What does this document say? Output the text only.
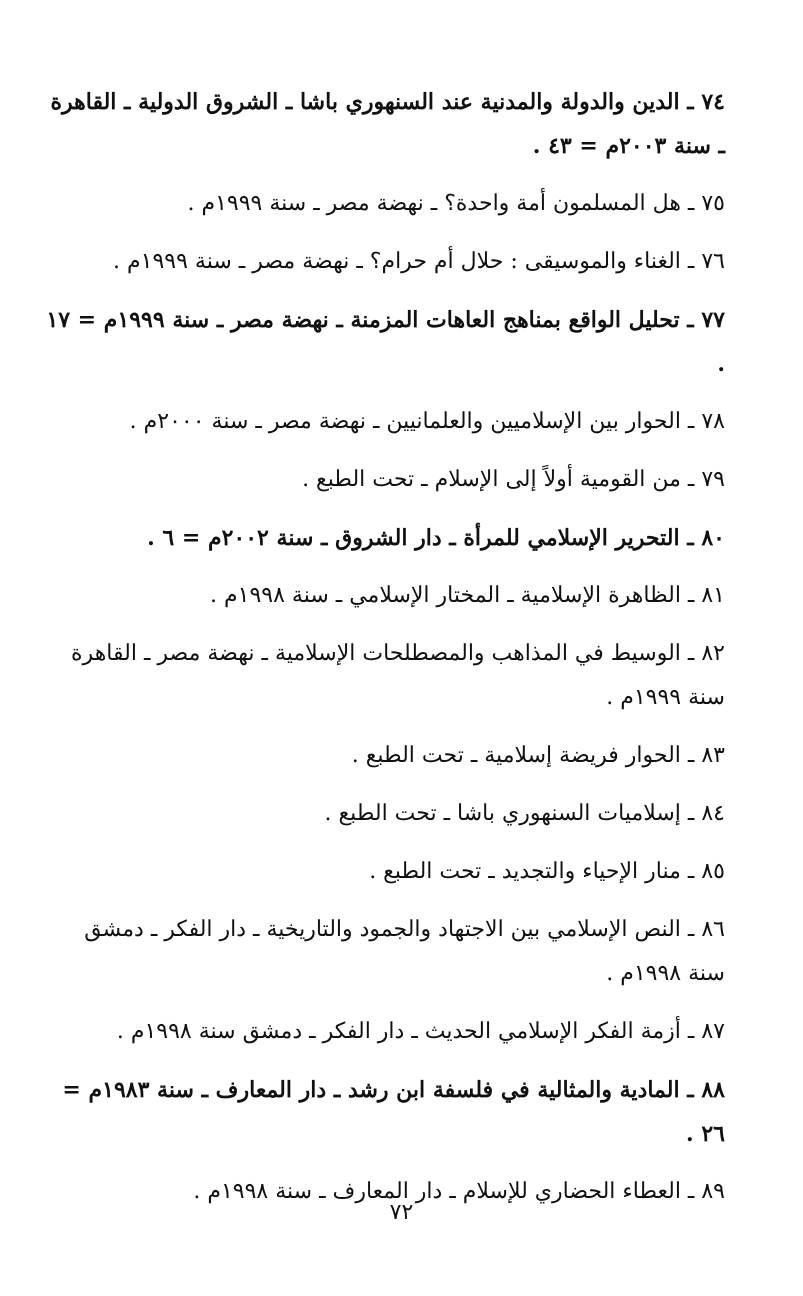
٧٤ ـ الدين والدولة والمدنية عند السنهوري باشا ـ الشروق الدولية ـ القاهرة ـ سنة ٢٠٠٣م = ٤٣ .
٧٥ ـ هل المسلمون أمة واحدة؟ ـ نهضة مصر ـ سنة ١٩٩٩م .
٧٦ ـ الغناء والموسيقى : حلال أم حرام؟ ـ نهضة مصر ـ سنة ١٩٩٩م .
٧٧ ـ تحليل الواقع بمناهج العاهات المزمنة ـ نهضة مصر ـ سنة ١٩٩٩م = ١٧ .
٧٨ ـ الحوار بين الإسلاميين والعلمانيين ـ نهضة مصر ـ سنة ٢٠٠٠م .
٧٩ ـ من القومية أولاً إلى الإسلام ـ تحت الطبع .
٨٠ ـ التحرير الإسلامي للمرأة ـ دار الشروق ـ سنة ٢٠٠٢م = ٦ .
٨١ ـ الظاهرة الإسلامية ـ المختار الإسلامي ـ سنة ١٩٩٨م .
٨٢ ـ الوسيط في المذاهب والمصطلحات الإسلامية ـ نهضة مصر ـ القاهرة سنة ١٩٩٩م .
٨٣ ـ الحوار فريضة إسلامية ـ تحت الطبع .
٨٤ ـ إسلاميات السنهوري باشا ـ تحت الطبع .
٨٥ ـ منار الإحياء والتجديد ـ تحت الطبع .
٨٦ ـ النص الإسلامي بين الاجتهاد والجمود والتاريخية ـ دار الفكر ـ دمشق سنة ١٩٩٨م .
٨٧ ـ أزمة الفكر الإسلامي الحديث ـ دار الفكر ـ دمشق سنة ١٩٩٨م .
٨٨ ـ المادية والمثالية في فلسفة ابن رشد ـ دار المعارف ـ سنة ١٩٨٣م = ٢٦ .
٨٩ ـ العطاء الحضاري للإسلام ـ دار المعارف ـ سنة ١٩٩٨م .
٧٢
